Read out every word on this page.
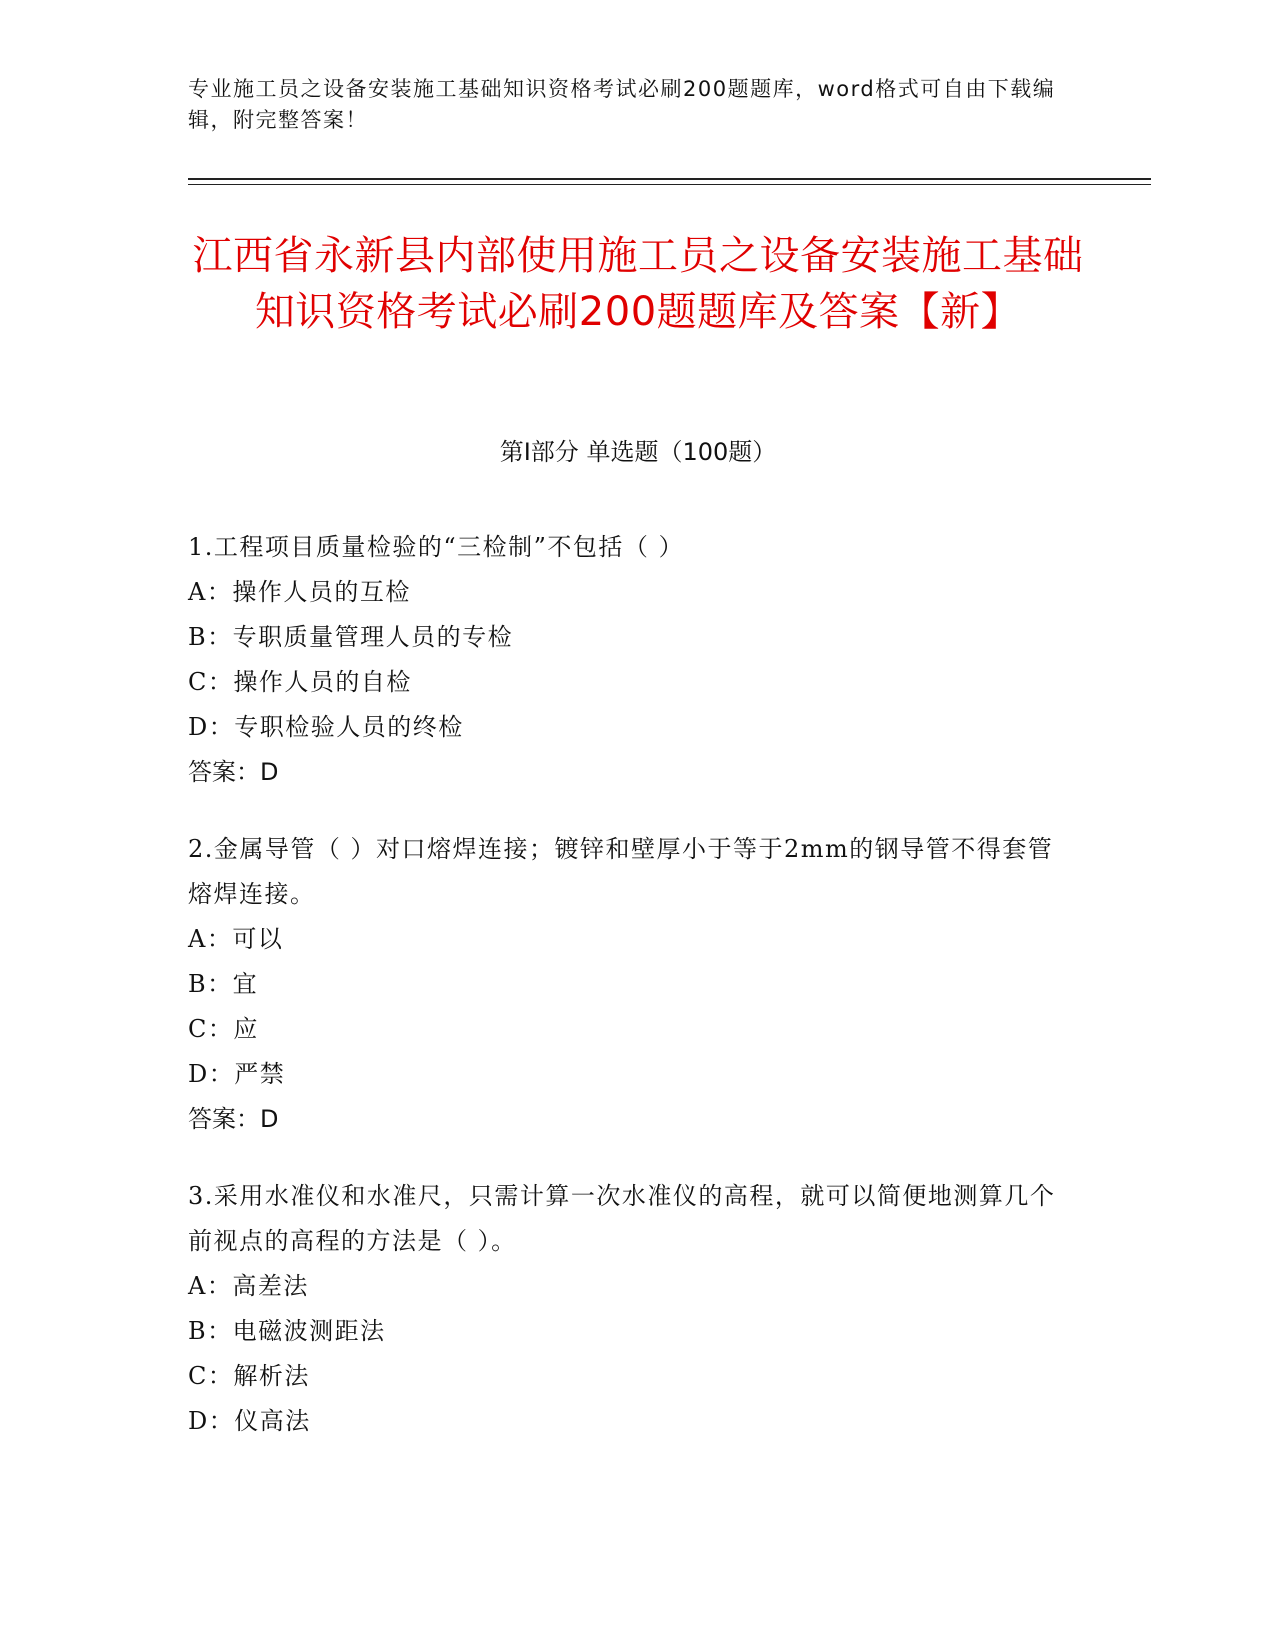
专业施工员之设备安装施工基础知识资格考试必刷200题题库，word格式可自由下载编辑，附完整答案！
江西省永新县内部使用施工员之设备安装施工基础知识资格考试必刷200题题库及答案【新】
第Ⅰ部分 单选题（100题）

1.工程项目质量检验的“三检制”不包括（ ）

A：操作人员的互检

B：专职质量管理人员的专检

C：操作人员的自检

D：专职检验人员的终检

答案：D

2.金属导管（ ）对口熔焊连接；镀锌和壁厚小于等于2mm的钢导管不得套管熔焊连接。

A：可以

B：宜

C：应

D：严禁

答案：D

3.采用水准仪和水准尺，只需计算一次水准仪的高程，就可以简便地测算几个前视点的高程的方法是（ ）。

A：高差法

B：电磁波测距法

C：解析法

D：仪高法
